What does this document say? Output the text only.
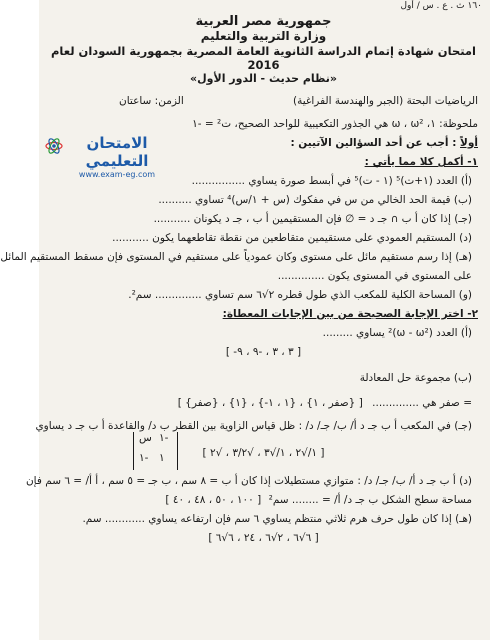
١٦٠ ث . ع . س / أول
جمهورية مصر العربية
وزارة التربية والتعليم
امتحان شهادة إتمام الدراسة الثانوية العامة المصرية بجمهورية السودان لعام 2016
«نظام حديث - الدور الأول»
الرياضيات البحتة (الجبر والهندسة الفراغية)
الزمن: ساعتان
ملحوظة: ١، ω ، ω² هي الجذور التكعيبية للواحد الصحيح، ت² = -١
أولاً : أجب عن أحد السؤالين الآتيين :
١- أكمل كلا مما يأتي :
(أ) العدد (١+ت)⁵ (١ - ت)⁵ في أبسط صورة يساوي ................
(ب) قيمة الحد الخالي من س في مفكوك (س + ١/س)⁴ تساوي ..........
(جـ) إذا كان أ ب ∩ جـ د = ∅ فإن المستقيمين أ ب ، جـ د يكونان ...........
(د) المستقيم العمودي على مستقيمين متقاطعين من نقطة تقاطعهما يكون ...........
(هـ) إذا رسم مستقيم مائل على مستوى وكان عمودياً على مستقيم في المستوى فإن مسقط المستقيم المائل
على المستوى في المستوى يكون ..............
(و) المساحة الكلية للمكعب الذي طول قطره ٢√٦ سم تساوي .............. سم².
٢- اختر الإجابة الصحيحة من بين الإجابات المعطاة:
(أ) العدد (ω - ω²)² يساوي .........
[ -٣ ، ٣ ، -٩ ، ٩ ]
(ب) مجموعة حل المعادلة
= صفر هي .............. [ {صفر} ، {١} ، {-١ ، ١} ، {صفر ، ١} ]
(جـ) في المكعب أ ب جـ د أ/ ب/ جـ/ د/ : ظل قياس الزاوية بين القطر ب د/ والقاعدة أ ب جـ د يساوي
[ ١/√٢ ، ١/√٣ ، √٣/٢ ، √٢ ]
(د) أ ب جـ د أ/ ب/ جـ/ د/ : متوازي مستطيلات إذا كان أ ب = ٨ سم ، ب جـ = ٥ سم ، أ أ/ = ٦ سم فإن
مساحة سطح الشكل ب جـ د/ أ/ = ........ سم² [ ١٠٠ ، ٥٠ ، ٤٨ ، ٤٠ ]
(هـ) إذا كان طول حرف هرم ثلاثي منتظم يساوي ٦ سم فإن ارتفاعه يساوي ............ سم.
[ ٦√٦ ، ٢√٦ ، ٢٤ ، ٦√٦ ]
س ١-
١- ١
الامتحان التعليمي
www.exam-eg.com
